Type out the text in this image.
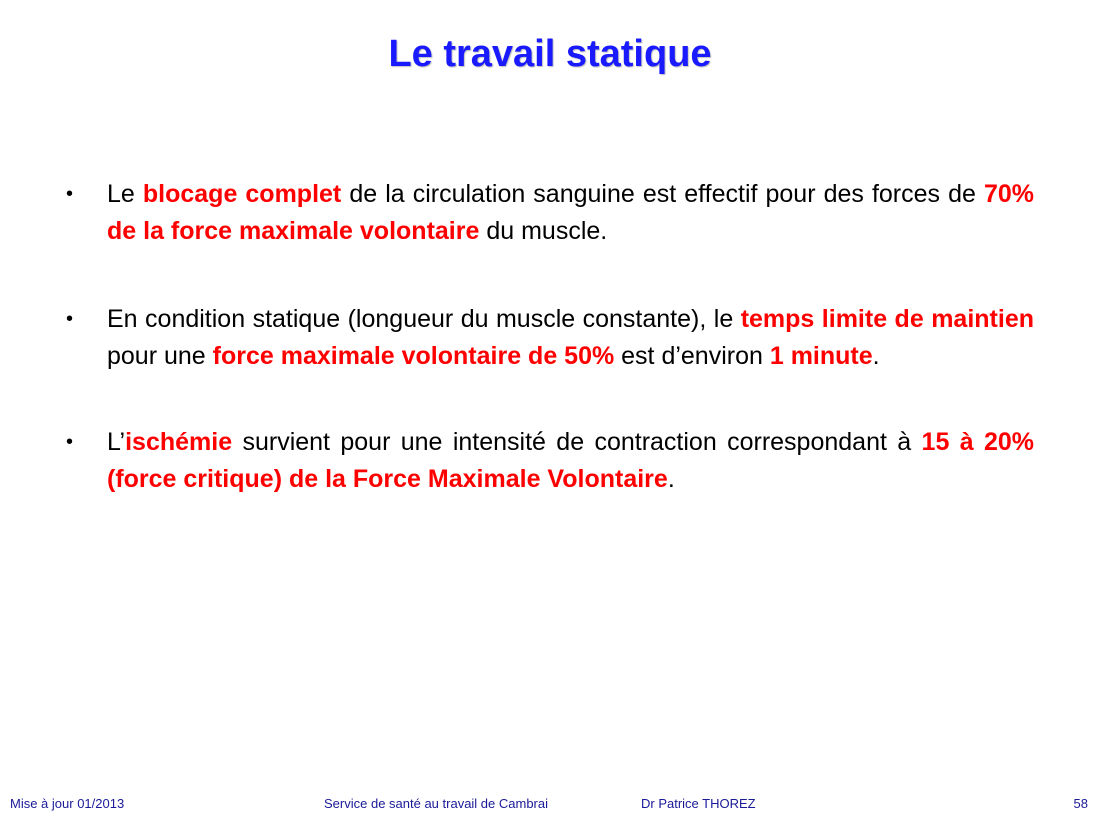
Le travail statique
• Le blocage complet de la circulation sanguine est effectif pour des forces de 70% de la force maximale volontaire du muscle.
• En condition statique (longueur du muscle constante), le temps limite de maintien pour une force maximale volontaire de 50% est d’environ 1 minute.
• L’ischémie survient pour une intensité de contraction correspondant à 15 à 20% (force critique) de la Force Maximale Volontaire.
Mise à jour 01/2013	Service de santé au travail de Cambrai	Dr Patrice THOREZ	58
